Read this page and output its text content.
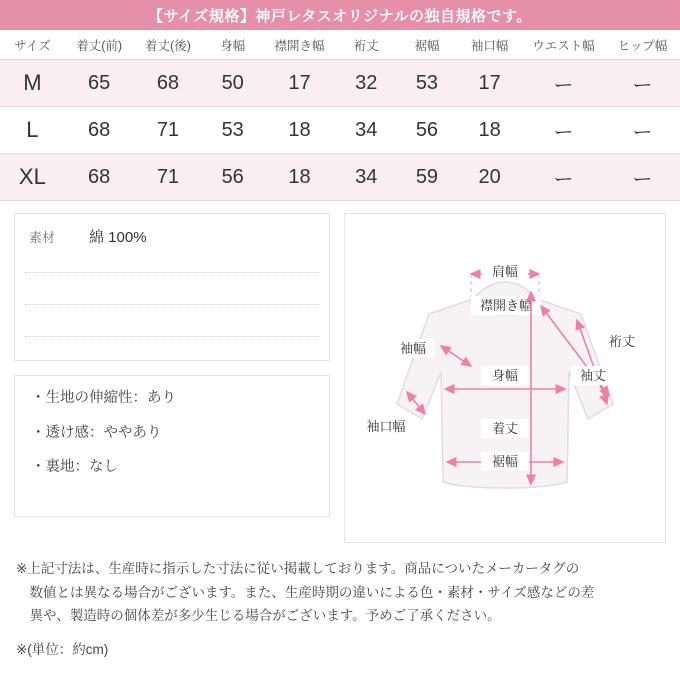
【サイズ規格】神戸レタスオリジナルの独自規格です。
サイズ	着丈(前)	着丈(後)	身幅	襟開き幅	裄丈	裾幅	袖口幅	ウエスト幅	ヒップ幅
M	65	68	50	17	32	53	17	ー	ー
L	68	71	53	18	34	56	18	ー	ー
XL	68	71	56	18	34	59	20	ー	ー
素材	綿 100%
・生地の伸縮性：あり
・透け感：ややあり
・裏地：なし
肩幅
襟開き幅
袖幅	裄丈
袖丈
身幅
着丈
袖口幅
裾幅
※上記寸法は、生産時に指示した寸法に従い掲載しております。商品についたメーカータグの
　数値とは異なる場合がございます。また、生産時期の違いによる色・素材・サイズ感などの差
　異や、製造時の個体差が多少生じる場合がございます。予めご了承ください。
※(単位：約cm)
